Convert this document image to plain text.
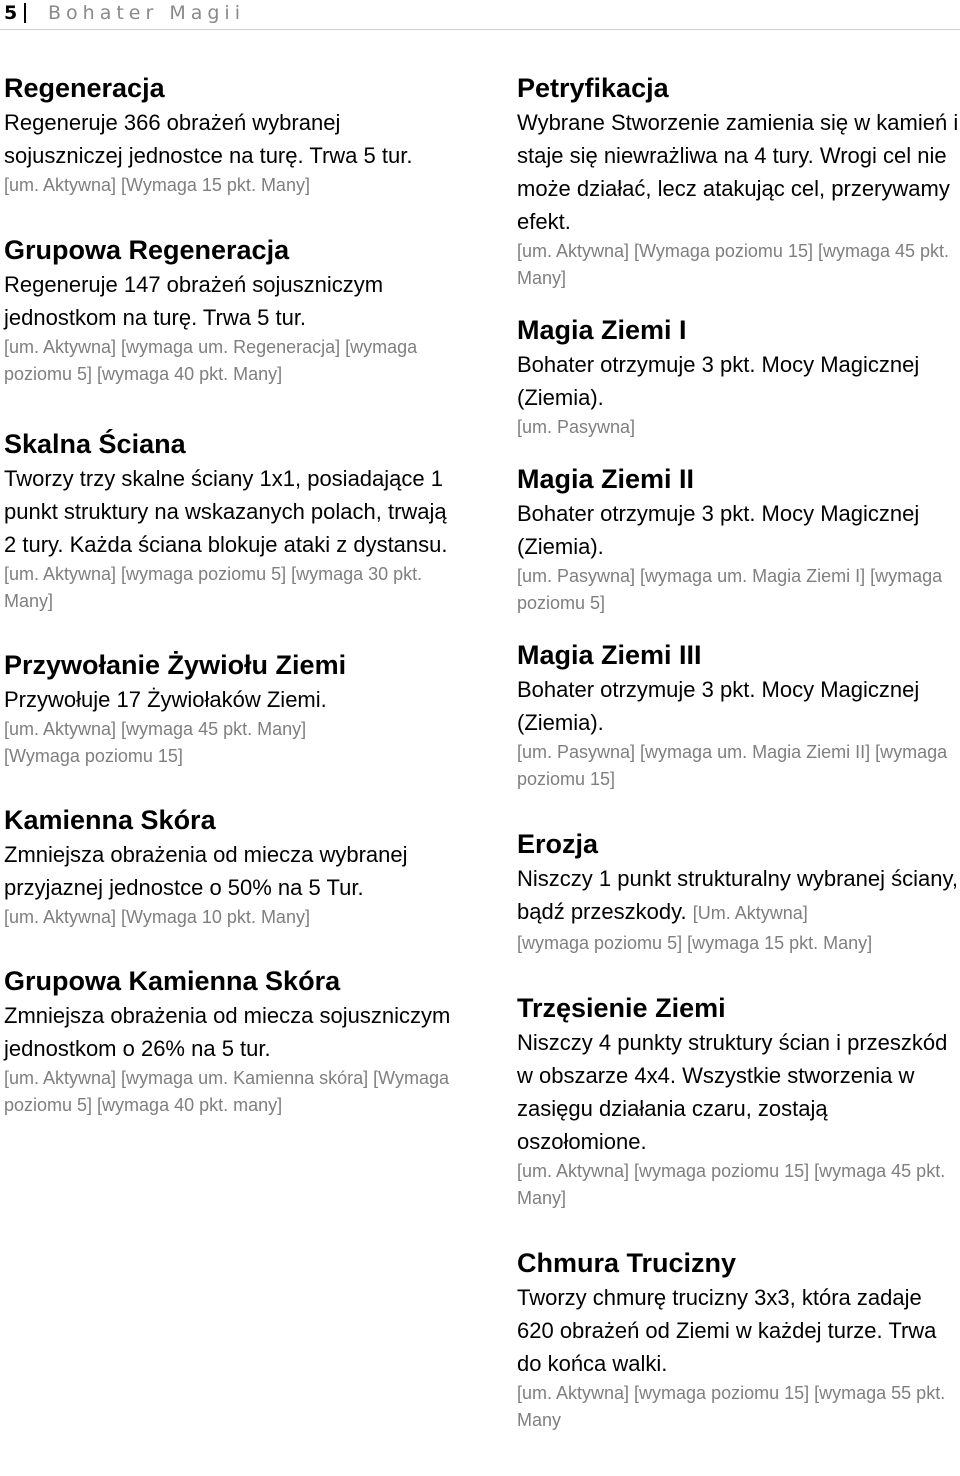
5 Bohater Magii

Regeneracja

Regeneruje 366 obrażeń wybranej sojuszniczej jednostce na turę. Trwa 5 tur.

[um. Aktywna] [Wymaga 15 pkt. Many]

Grupowa Regeneracja

Regeneruje 147 obrażeń sojuszniczym jednostkom na turę. Trwa 5 tur.

[um. Aktywna] [wymaga um. Regeneracja] [wymaga poziomu 5] [wymaga 40 pkt. Many]

Skalna Ściana

Tworzy trzy skalne ściany 1x1, posiadające 1 punkt struktury na wskazanych polach, trwają 2 tury. Każda ściana blokuje ataki z dystansu.

[um. Aktywna] [wymaga poziomu 5] [wymaga 30 pkt. Many]

Przywołanie Żywiołu Ziemi

Przywołuje 17 Żywiołaków Ziemi.

[um. Aktywna] [wymaga 45 pkt. Many] [Wymaga poziomu 15]

Kamienna Skóra

Zmniejsza obrażenia od miecza wybranej przyjaznej jednostce o 50% na 5 Tur.

[um. Aktywna] [Wymaga 10 pkt. Many]

Grupowa Kamienna Skóra

Zmniejsza obrażenia od miecza sojuszniczym jednostkom o 26% na 5 tur.

[um. Aktywna] [wymaga um. Kamienna skóra] [Wymaga poziomu 5] [wymaga 40 pkt. many]

Petryfikacja

Wybrane Stworzenie zamienia się w kamień i staje się niewrażliwa na 4 tury. Wrogi cel nie może działać, lecz atakując cel, przerywamy efekt.

[um. Aktywna] [Wymaga poziomu 15] [wymaga 45 pkt. Many]

Magia Ziemi I

Bohater otrzymuje 3 pkt. Mocy Magicznej (Ziemia).

[um. Pasywna]

Magia Ziemi II

Bohater otrzymuje 3 pkt. Mocy Magicznej (Ziemia).

[um. Pasywna] [wymaga um. Magia Ziemi I] [wymaga poziomu 5]

Magia Ziemi III

Bohater otrzymuje 3 pkt. Mocy Magicznej (Ziemia).

[um. Pasywna] [wymaga um. Magia Ziemi II] [wymaga poziomu 15]

Erozja

Niszczy 1 punkt strukturalny wybranej ściany, bądź przeszkody. [Um. Aktywna]

[wymaga poziomu 5] [wymaga 15 pkt. Many]

Trzęsienie Ziemi

Niszczy 4 punkty struktury ścian i przeszkód w obszarze 4x4. Wszystkie stworzenia w zasięgu działania czaru, zostają oszołomione.

[um. Aktywna] [wymaga poziomu 15] [wymaga 45 pkt. Many]

Chmura Trucizny

Tworzy chmurę trucizny 3x3, która zadaje 620 obrażeń od Ziemi w każdej turze. Trwa do końca walki.

[um. Aktywna] [wymaga poziomu 15] [wymaga 55 pkt. Many
